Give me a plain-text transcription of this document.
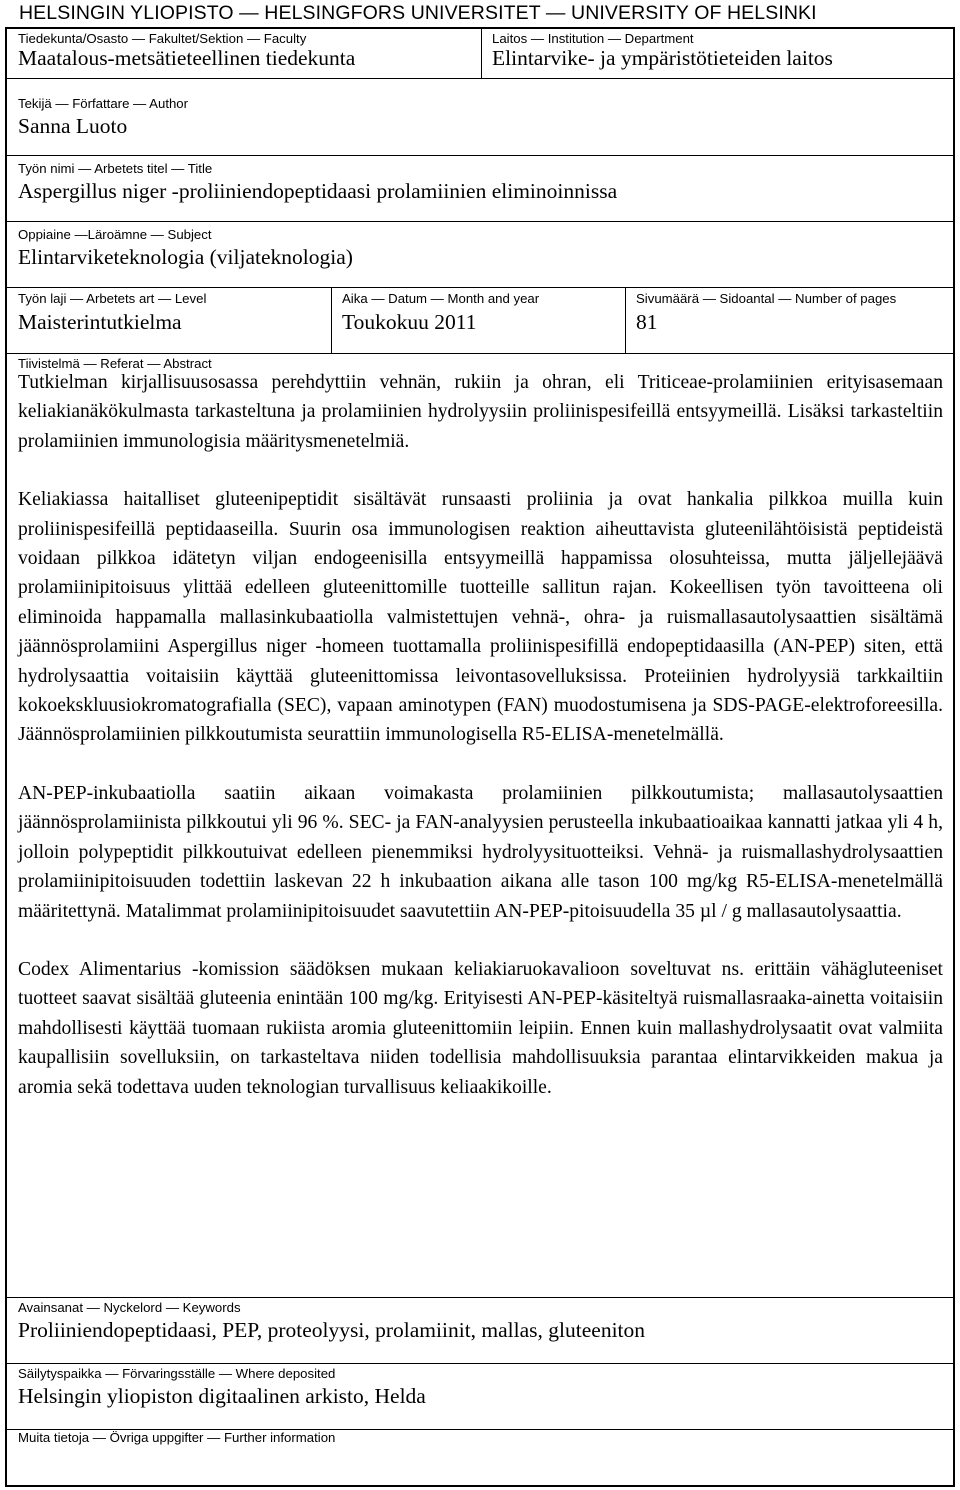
HELSINGIN YLIOPISTO — HELSINGFORS UNIVERSITET — UNIVERSITY OF HELSINKI
Tiedekunta/Osasto — Fakultet/Sektion — Faculty
Maatalous-metsätieteellinen tiedekunta
Laitos — Institution — Department
Elintarvike- ja ympäristötieteiden laitos
Tekijä — Författare — Author
Sanna Luoto
Työn nimi — Arbetets titel — Title
Aspergillus niger -proliiniendopeptidaasi prolamiinien eliminoinnissa
Oppiaine —Läroämne — Subject
Elintarviketeknologia (viljateknologia)
Työn laji — Arbetets art — Level
Maisterintutkielma
Aika — Datum — Month and year
Toukokuu 2011
Sivumäärä — Sidoantal — Number of pages
81
Tiivistelmä — Referat — Abstract

Tutkielman kirjallisuusosassa perehdyttiin vehnän, rukiin ja ohran, eli Triticeae-prolamiinien erityisasemaan keliakianäkökulmasta tarkasteltuna ja prolamiinien hydrolyysiin proliinispesifeillä entsyymeillä. Lisäksi tarkasteltiin prolamiinien immunologisia määritysmenetelmiä.

Keliakiassa haitalliset gluteenipeptidit sisältävät runsaasti proliinia ja ovat hankalia pilkkoa muilla kuin proliinispesifeillä peptidaaseilla. Suurin osa immunologisen reaktion aiheuttavista gluteenilähtöisistä peptideistä voidaan pilkkoa idätetyn viljan endogeenisilla entsyymeillä happamissa olosuhteissa, mutta jäljellejäävä prolamiinipitoisuus ylittää edelleen gluteenittomille tuotteille sallitun rajan. Kokeellisen työn tavoitteena oli eliminoida happamalla mallasinkubaatiolla valmistettujen vehnä-, ohra- ja ruismallasautolysaattien sisältämä jäännösprolamiini Aspergillus niger -homeen tuottamalla proliinispesifillä endopeptidaasilla (AN-PEP) siten, että hydrolysaattia voitaisiin käyttää gluteenittomissa leivontasovelluksissa. Proteiinien hydrolyysiä tarkkailtiin kokoekskluusiokromatografialla (SEC), vapaan aminotypen (FAN) muodostumisena ja SDS-PAGE-elektroforeesilla. Jäännösprolamiinien pilkkoutumista seurattiin immunologisella R5-ELISA-menetelmällä.

AN-PEP-inkubaatiolla saatiin aikaan voimakasta prolamiinien pilkkoutumista; mallasautolysaattien jäännösprolamiinista pilkkoutui yli 96 %. SEC- ja FAN-analyysien perusteella inkubaatioaikaa kannatti jatkaa yli 4 h, jolloin polypeptidit pilkkoutuivat edelleen pienemmiksi hydrolyysituotteiksi. Vehnä- ja ruismallashydrolysaattien prolamiinipitoisuuden todettiin laskevan 22 h inkubaation aikana alle tason 100 mg/kg R5-ELISA-menetelmällä määritettynä. Matalimmat prolamiinipitoisuudet saavutettiin AN-PEP-pitoisuudella 35 µl / g mallasautolysaattia.

Codex Alimentarius -komission säädöksen mukaan keliakiaruokavalioon soveltuvat ns. erittäin vähägluteeniset tuotteet saavat sisältää gluteenia enintään 100 mg/kg. Erityisesti AN-PEP-käsiteltyä ruismallasraaka-ainetta voitaisiin mahdollisesti käyttää tuomaan rukiista aromia gluteenittomiin leipiin. Ennen kuin mallashydrolysaatit ovat valmiita kaupallisiin sovelluksiin, on tarkasteltava niiden todellisia mahdollisuuksia parantaa elintarvikkeiden makua ja aromia sekä todettava uuden teknologian turvallisuus keliaakikoille.

Avainsanat — Nyckelord — Keywords
Proliiniendopeptidaasi, PEP, proteolyysi, prolamiinit, mallas, gluteeniton
Säilytyspaikka — Förvaringsställe — Where deposited
Helsingin yliopiston digitaalinen arkisto, Helda
Muita tietoja — Övriga uppgifter — Further information
